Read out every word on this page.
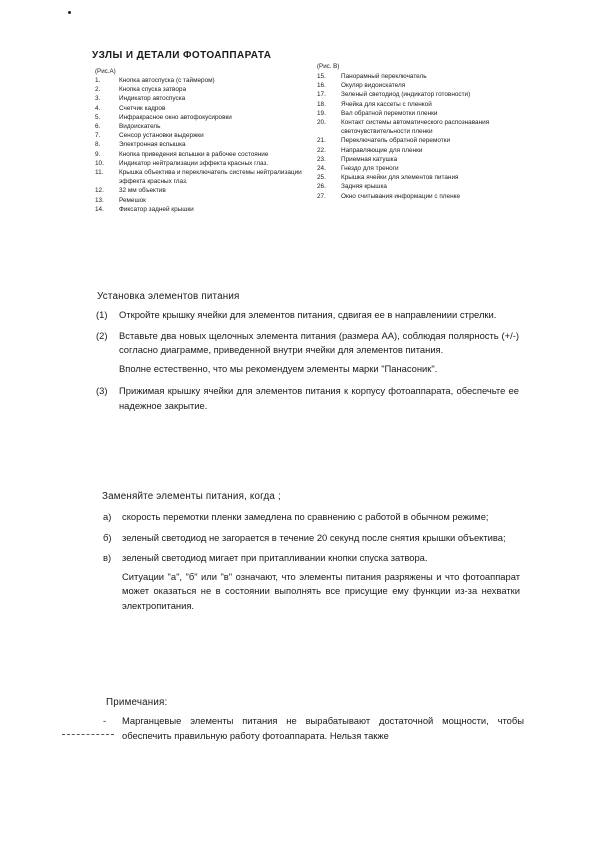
УЗЛЫ И ДЕТАЛИ ФОТОАППАРАТА
(Рис.А)
1.	Кнопка автоспуска (с таймером)
2.	Кнопка спуска затвора
3.	Индикатор автоспуска
4.	Счетчик кадров
5.	Инфракрасное окно автофокусировки
6.	Видоискатель
7.	Сенсор установки выдержки
8.	Электронная вспышка
9.	Кнопка приведения вспышки в рабочее состояние
10.	Индикатор нейтрализации эффекта красных глаз.
11.	Крышка объектива и переключатель системы нейтрализации эффекта красных глаз.
12.	32 мм объектив
13.	Ремешок
14.	Фиксатор задней крышки
(Рис. В)
15.	Панорамный переключатель
16.	Окуляр видоискателя
17.	Зеленый светодиод (индикатор готовности)
18.	Ячейка для кассеты с пленкой
19.	Вал обратной перемотки пленки
20.	Контакт системы автоматического распознавания светочувствительности пленки
21.	Переключатель обратной перемотки
22.	Направляющие для пленки
23.	Приемная катушка
24.	Гнездо для треноги
25.	Крышка ячейки для элементов питания
26.	Задняя крышка
27.	Окно считывания информации с пленке
Установка элементов питания
(1)	Откройте крышку ячейки для элементов питания, сдвигая ее в направлениии стрелки.
(2)	Вставьте два новых щелочных элемента питания (размера АА), соблюдая полярность (+/-) согласно диаграмме, приведенной внутри ячейки для элементов питания.
Вполне естественно, что мы рекомендуем элементы марки "Панасоник".
(3)	Прижимая крышку ячейки для элементов питания к корпусу фотоаппарата, обеспечьте ее надежное закрытие.
Заменяйте элементы питания, когда ;
а)	скорость перемотки пленки замедлена по сравнению с работой в обычном режиме;
б)	зеленый светодиод не загорается в течение 20 секунд после снятия крышки объектива;
в)	зеленый светодиод мигает при притапливании кнопки спуска затвора.
Ситуации "а", "б" или "в" означают, что элементы питания разряжены и что фотоаппарат может оказаться не в состоянии выполнять все присущие ему функции из-за нехватки электропитания.
Примечания:
-	Марганцевые элементы питания не вырабатывают достаточной мощности, чтобы обеспечить правильную работу фотоаппарата. Нельзя также
